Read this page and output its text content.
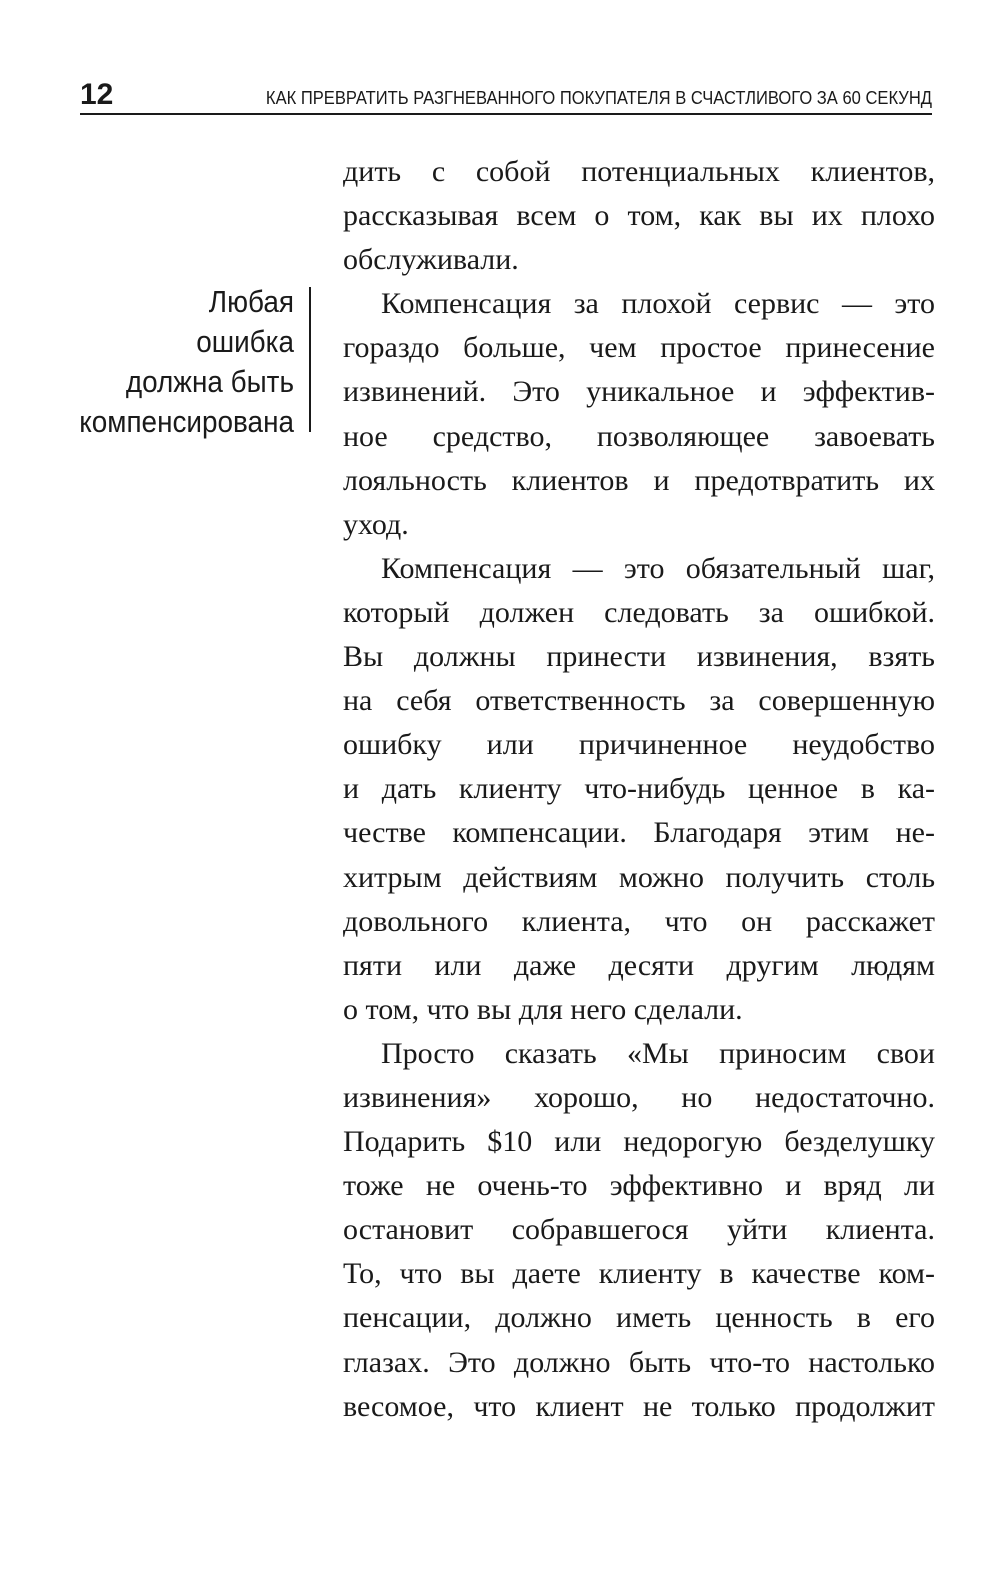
12	КАК ПРЕВРАТИТЬ РАЗГНЕВАННОГО ПОКУПАТЕЛЯ В СЧАСТЛИВОГО ЗА 60 СЕКУНД
Любая
ошибка
должна быть
компенсирована
дить с собой потенциальных клиентов,
рассказывая всем о том, как вы их плохо
обслуживали.
Компенсация за плохой сервис — это
гораздо больше, чем простое принесение
извинений. Это уникальное и эффектив-
ное средство, позволяющее завоевать
лояльность клиентов и предотвратить их
уход.
Компенсация — это обязательный шаг,
который должен следовать за ошибкой.
Вы должны принести извинения, взять
на себя ответственность за совершенную
ошибку или причиненное неудобство
и дать клиенту что-нибудь ценное в ка-
честве компенсации. Благодаря этим не-
хитрым действиям можно получить столь
довольного клиента, что он расскажет
пяти или даже десяти другим людям
о том, что вы для него сделали.
Просто сказать «Мы приносим свои
извинения» хорошо, но недостаточно.
Подарить $10 или недорогую безделушку
тоже не очень-то эффективно и вряд ли
остановит собравшегося уйти клиента.
То, что вы даете клиенту в качестве ком-
пенсации, должно иметь ценность в его
глазах. Это должно быть что-то настолько
весомое, что клиент не только продолжит
